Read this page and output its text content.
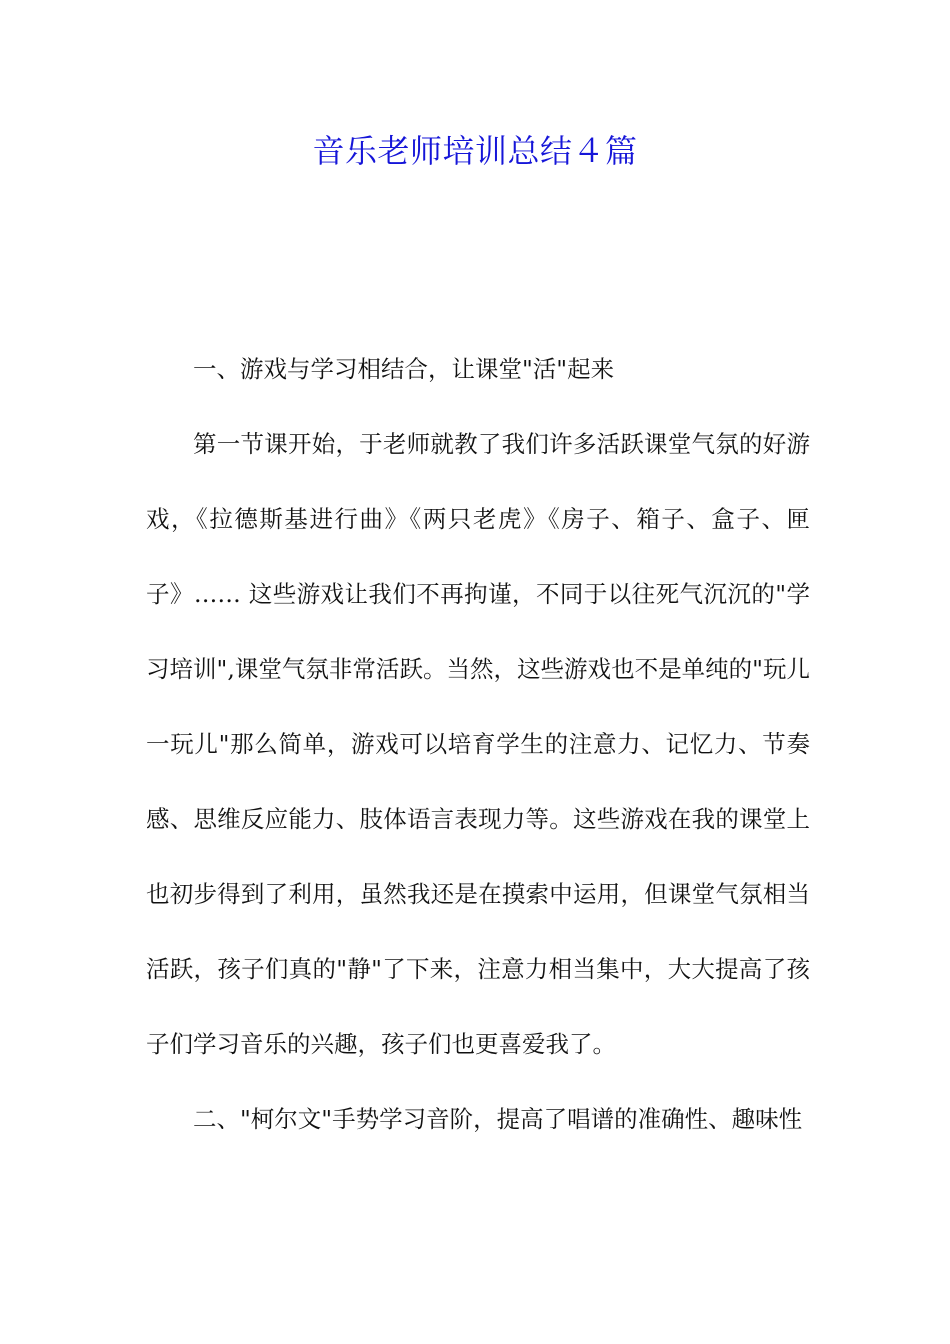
音乐老师培训总结４篇

一、游戏与学习相结合，让课堂"活"起来

第一节课开始，于老师就教了我们许多活跃课堂气氛的好游戏，《拉德斯基进行曲》《两只老虎》《房子、箱子、盒子、匣子》…… 这些游戏让我们不再拘谨，不同于以往死气沉沉的"学习培训",课堂气氛非常活跃。当然，这些游戏也不是单纯的"玩儿一玩儿"那么简单，游戏可以培育学生的注意力、记忆力、节奏感、思维反应能力、肢体语言表现力等。这些游戏在我的课堂上也初步得到了利用，虽然我还是在摸索中运用，但课堂气氛相当活跃，孩子们真的"静"了下来，注意力相当集中，大大提高了孩子们学习音乐的兴趣，孩子们也更喜爱我了。

二、"柯尔文"手势学习音阶，提高了唱谱的准确性、趣味性
